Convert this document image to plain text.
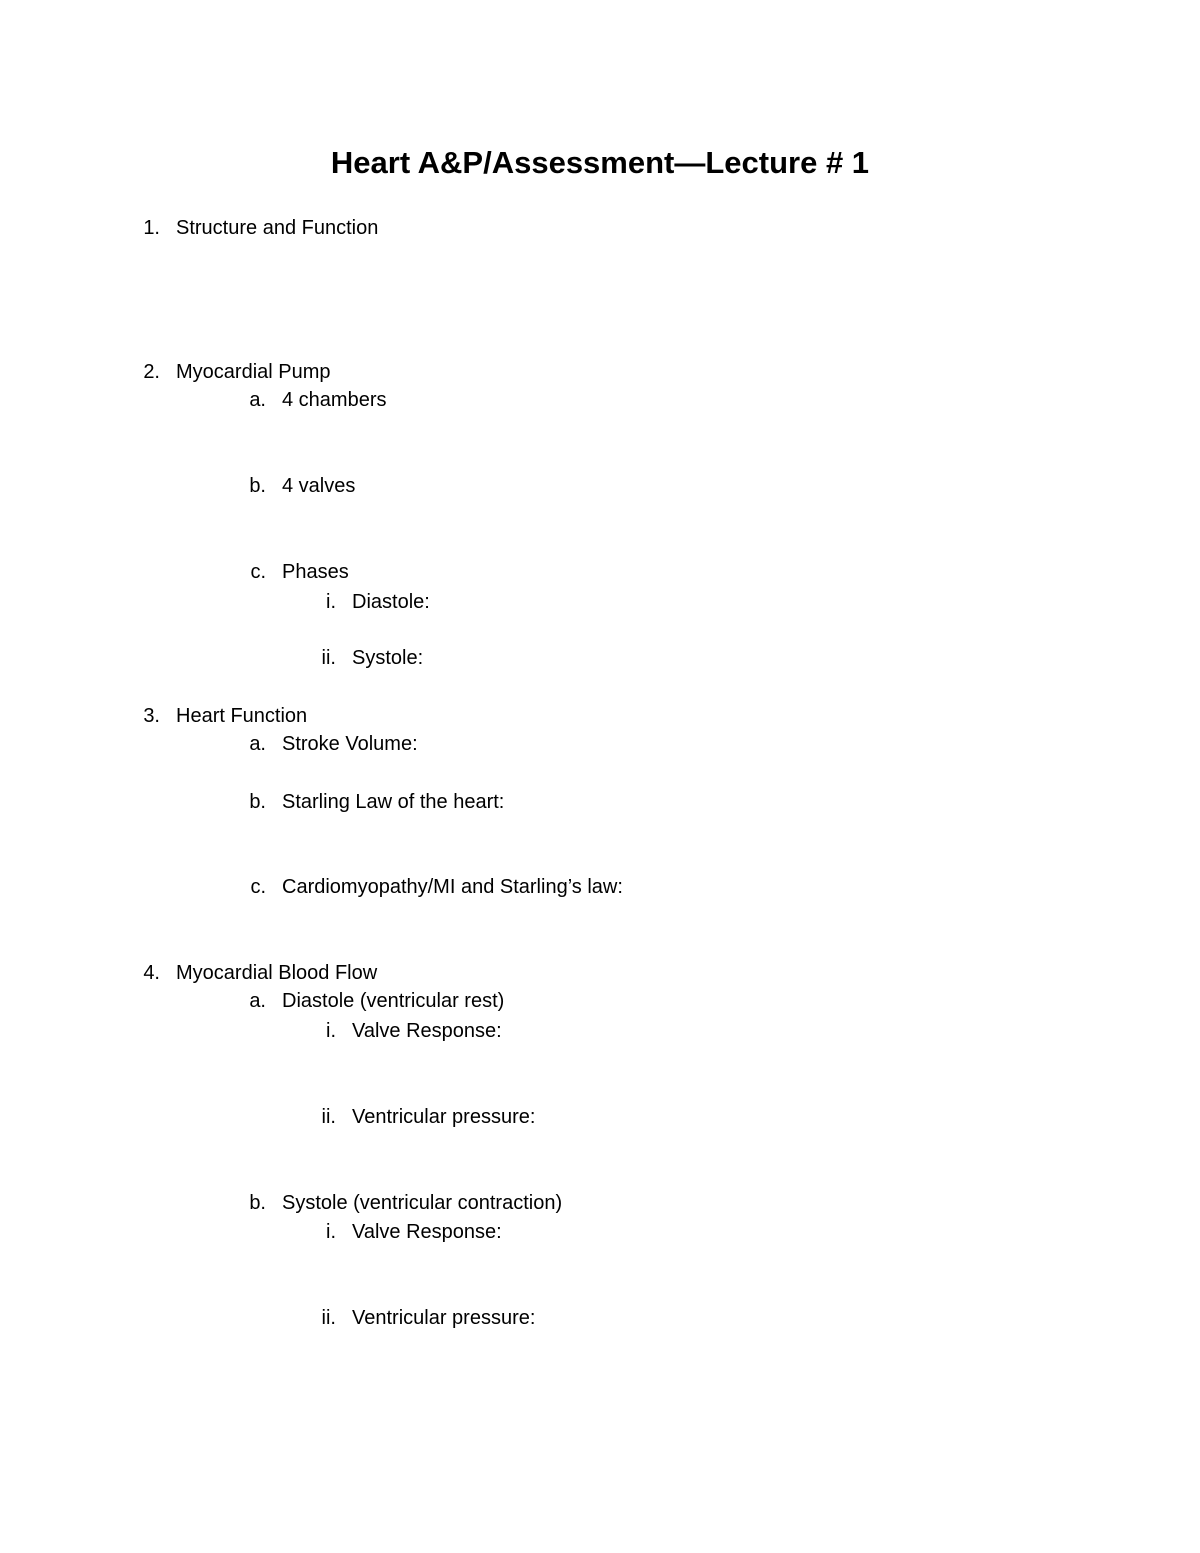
Heart A&P/Assessment—Lecture # 1
1. Structure and Function
2. Myocardial Pump
a. 4 chambers
b. 4 valves
c. Phases
i. Diastole:
ii. Systole:
3. Heart Function
a. Stroke Volume:
b. Starling Law of the heart:
c. Cardiomyopathy/MI and Starling’s law:
4. Myocardial Blood Flow
a. Diastole (ventricular rest)
i. Valve Response:
ii. Ventricular pressure:
b. Systole (ventricular contraction)
i. Valve Response:
ii. Ventricular pressure:
